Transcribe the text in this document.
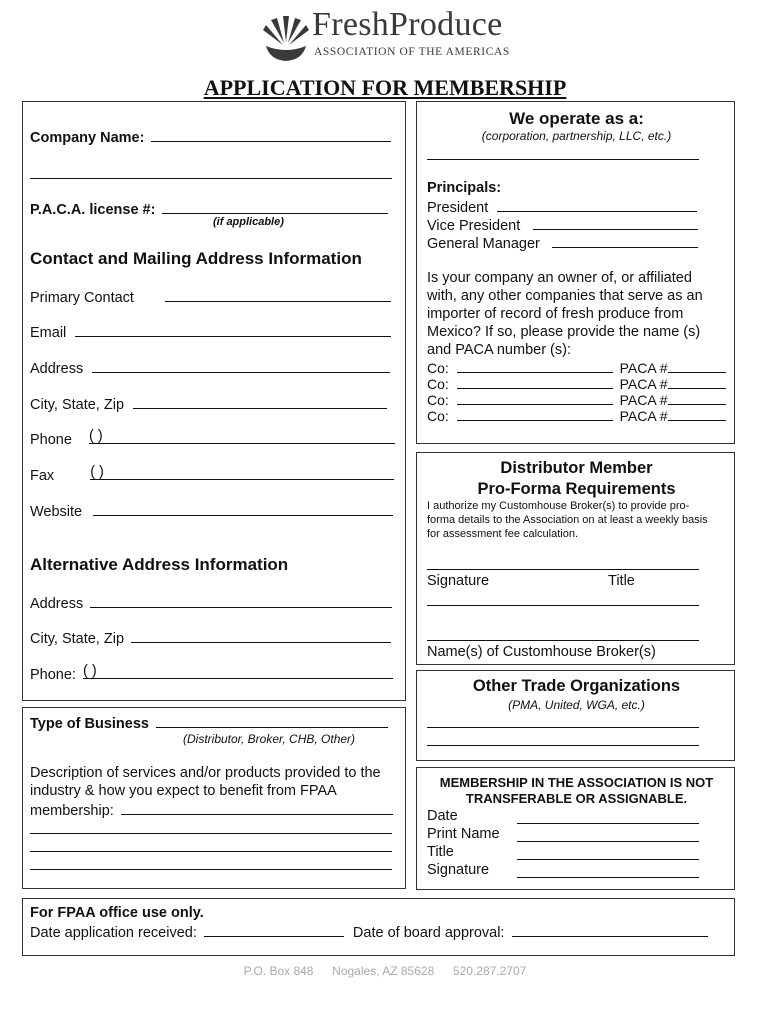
FreshProduce
ASSOCIATION OF THE AMERICAS
APPLICATION FOR MEMBERSHIP
Company Name:
P.A.C.A. license #:
(if applicable)
Contact and Mailing Address Information
Primary Contact
Email
Address
City, State, Zip
Phone ( )
Fax ( )
Website
Alternative Address Information
Address
City, State, Zip
Phone: ( )
Type of Business
(Distributor, Broker, CHB, Other)
Description of services and/or products provided to the
industry & how you expect to benefit from FPAA
membership:
We operate as a:
(corporation, partnership, LLC, etc.)
Principals:
President
Vice President
General Manager
Is your company an owner of, or affiliated
with, any other companies that serve as an
importer of record of fresh produce from
Mexico? If so, please provide the name (s)
and PACA number (s):
Co:	PACA #
Co:	PACA #
Co:	PACA #
Co:	PACA #
Distributor Member
Pro-Forma Requirements
I authorize my Customhouse Broker(s) to provide pro-
forma details to the Association on at least a weekly basis
for assessment fee calculation.
Signature	Title
Name(s) of Customhouse Broker(s)
Other Trade Organizations
(PMA, United, WGA, etc.)
MEMBERSHIP IN THE ASSOCIATION IS NOT
TRANSFERABLE OR ASSIGNABLE.
Date
Print Name
Title
Signature
For FPAA office use only.
Date application received:	Date of board approval:
P.O. Box 848 Nogales, AZ 85628 520.287.2707
